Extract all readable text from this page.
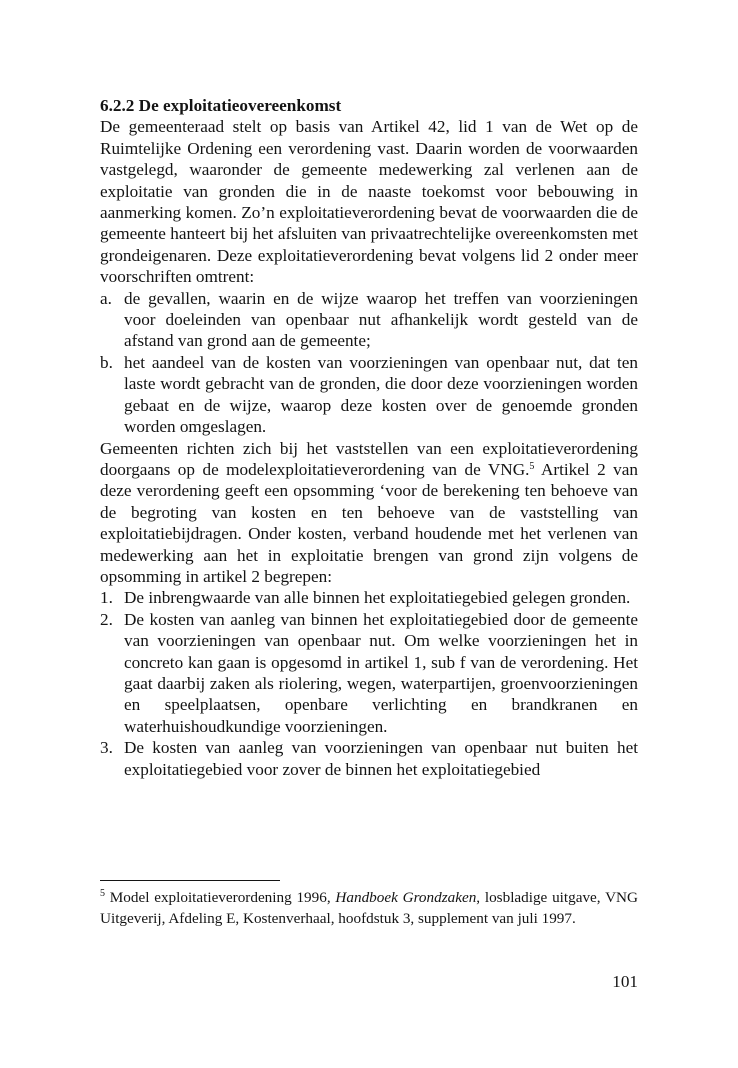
6.2.2 De exploitatieovereenkomst

De gemeenteraad stelt op basis van Artikel 42, lid 1 van de Wet op de Ruimtelijke Ordening een verordening vast. Daarin worden de voorwaarden vastgelegd, waaronder de gemeente medewerking zal verlenen aan de exploitatie van gronden die in de naaste toekomst voor bebouwing in aanmerking komen. Zo’n exploitatieverordening bevat de voorwaarden die de gemeente hanteert bij het afsluiten van privaatrechtelijke overeenkomsten met grondeigenaren. Deze exploitatieverordening bevat volgens lid 2 onder meer voorschriften omtrent:

a. de gevallen, waarin en de wijze waarop het treffen van voorzieningen voor doeleinden van openbaar nut afhankelijk wordt gesteld van de afstand van grond aan de gemeente;
b. het aandeel van de kosten van voorzieningen van openbaar nut, dat ten laste wordt gebracht van de gronden, die door deze voorzieningen worden gebaat en de wijze, waarop deze kosten over de genoemde gronden worden omgeslagen.

Gemeenten richten zich bij het vaststellen van een exploitatieverordening doorgaans op de modelexploitatieverordening van de VNG.$^5$ Artikel 2 van deze verordening geeft een opsomming ‘voor de berekening ten behoeve van de begroting van kosten en ten behoeve van de vaststelling van exploitatiebijdragen. Onder kosten, verband houdende met het verlenen van medewerking aan het in exploitatie brengen van grond zijn volgens de opsomming in artikel 2 begrepen:

1. De inbrengwaarde van alle binnen het exploitatiegebied gelegen gronden.
2. De kosten van aanleg van binnen het exploitatiegebied door de gemeente van voorzieningen van openbaar nut. Om welke voorzieningen het in concreto kan gaan is opgesomd in artikel 1, sub f van de verordening. Het gaat daarbij zaken als riolering, wegen, waterpartijen, groenvoorzieningen en speelplaatsen, openbare verlichting en brandkranen en waterhuishoudkundige voorzieningen.
3. De kosten van aanleg van voorzieningen van openbaar nut buiten het exploitatiegebied voor zover de binnen het exploitatiegebied
$^5$ Model exploitatieverordening 1996, Handboek Grondzaken, losbladige uitgave, VNG Uitgeverij, Afdeling E, Kostenverhaal, hoofdstuk 3, supplement van juli 1997.
101
